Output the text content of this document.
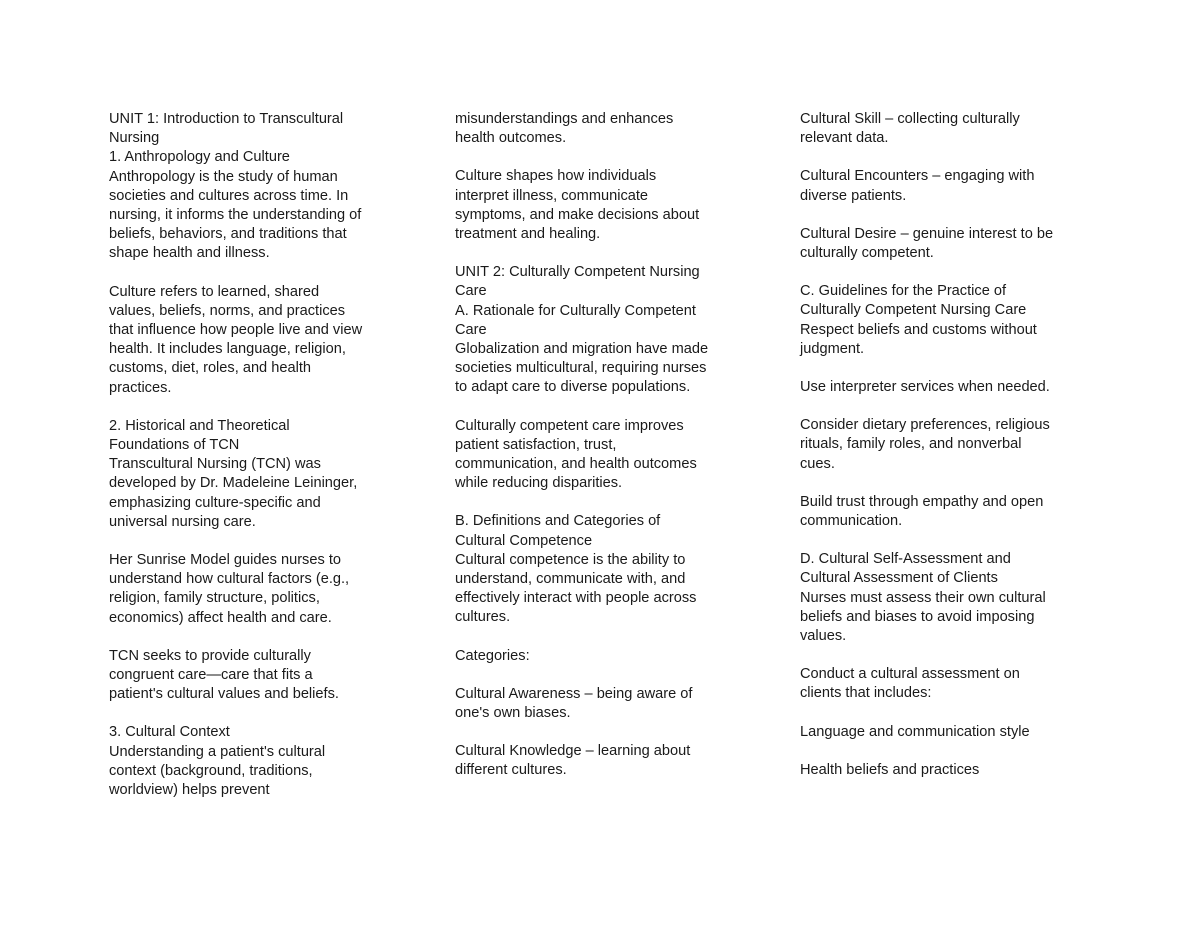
UNIT 1: Introduction to Transcultural
Nursing
1. Anthropology and Culture
Anthropology is the study of human
societies and cultures across time. In
nursing, it informs the understanding of
beliefs, behaviors, and traditions that
shape health and illness.
Culture refers to learned, shared
values, beliefs, norms, and practices
that influence how people live and view
health. It includes language, religion,
customs, diet, roles, and health
practices.
2. Historical and Theoretical
Foundations of TCN
Transcultural Nursing (TCN) was
developed by Dr. Madeleine Leininger,
emphasizing culture-specific and
universal nursing care.
Her Sunrise Model guides nurses to
understand how cultural factors (e.g.,
religion, family structure, politics,
economics) affect health and care.
TCN seeks to provide culturally
congruent care—care that fits a
patient's cultural values and beliefs.
3. Cultural Context
Understanding a patient's cultural
context (background, traditions,
worldview) helps prevent
misunderstandings and enhances
health outcomes.
Culture shapes how individuals
interpret illness, communicate
symptoms, and make decisions about
treatment and healing.
UNIT 2: Culturally Competent Nursing
Care
A. Rationale for Culturally Competent
Care
Globalization and migration have made
societies multicultural, requiring nurses
to adapt care to diverse populations.
Culturally competent care improves
patient satisfaction, trust,
communication, and health outcomes
while reducing disparities.
B. Definitions and Categories of
Cultural Competence
Cultural competence is the ability to
understand, communicate with, and
effectively interact with people across
cultures.
Categories:
Cultural Awareness – being aware of
one's own biases.
Cultural Knowledge – learning about
different cultures.
Cultural Skill – collecting culturally
relevant data.
Cultural Encounters – engaging with
diverse patients.
Cultural Desire – genuine interest to be
culturally competent.
C. Guidelines for the Practice of
Culturally Competent Nursing Care
Respect beliefs and customs without
judgment.
Use interpreter services when needed.
Consider dietary preferences, religious
rituals, family roles, and nonverbal
cues.
Build trust through empathy and open
communication.
D. Cultural Self-Assessment and
Cultural Assessment of Clients
Nurses must assess their own cultural
beliefs and biases to avoid imposing
values.
Conduct a cultural assessment on
clients that includes:
Language and communication style
Health beliefs and practices
